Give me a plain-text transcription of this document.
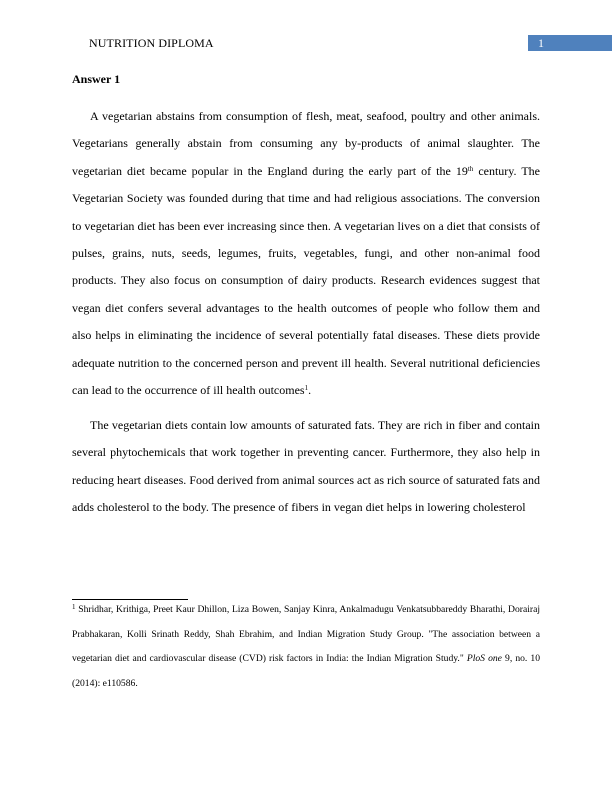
NUTRITION DIPLOMA	1
Answer 1

A vegetarian abstains from consumption of flesh, meat, seafood, poultry and other animals. Vegetarians generally abstain from consuming any by-products of animal slaughter. The vegetarian diet became popular in the England during the early part of the 19th century. The Vegetarian Society was founded during that time and had religious associations. The conversion to vegetarian diet has been ever increasing since then. A vegetarian lives on a diet that consists of pulses, grains, nuts, seeds, legumes, fruits, vegetables, fungi, and other non-animal food products. They also focus on consumption of dairy products. Research evidences suggest that vegan diet confers several advantages to the health outcomes of people who follow them and also helps in eliminating the incidence of several potentially fatal diseases. These diets provide adequate nutrition to the concerned person and prevent ill health. Several nutritional deficiencies can lead to the occurrence of ill health outcomes$^1$.

The vegetarian diets contain low amounts of saturated fats. They are rich in fiber and contain several phytochemicals that work together in preventing cancer. Furthermore, they also help in reducing heart diseases. Food derived from animal sources act as rich source of saturated fats and adds cholesterol to the body. The presence of fibers in vegan diet helps in lowering cholesterol

$^1$ Shridhar, Krithiga, Preet Kaur Dhillon, Liza Bowen, Sanjay Kinra, Ankalmadugu Venkatsubbareddy Bharathi, Dorairaj Prabhakaran, Kolli Srinath Reddy, Shah Ebrahim, and Indian Migration Study Group. "The association between a vegetarian diet and cardiovascular disease (CVD) risk factors in India: the Indian Migration Study." PloS one 9, no. 10 (2014): e110586.
